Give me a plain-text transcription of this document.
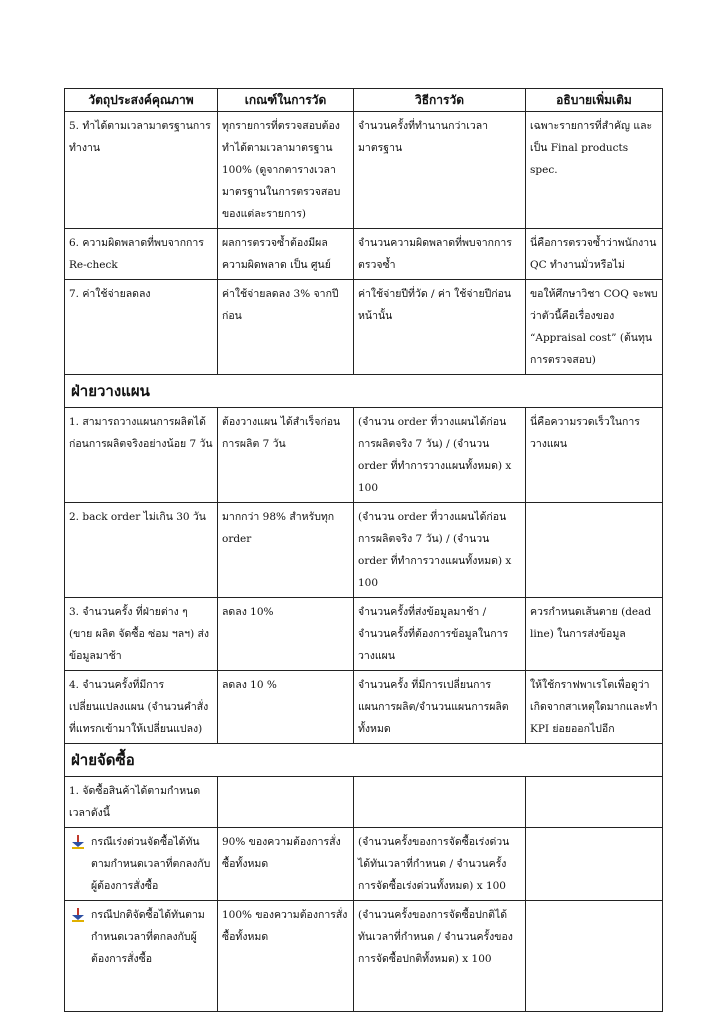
วัตถุประสงค์คุณภาพ	เกณฑ์ในการวัด	วิธีการวัด	อธิบายเพิ่มเติม
5. ทำได้ตามเวลามาตรฐานการทำงาน	ทุกรายการที่ตรวจสอบต้องทำได้ตามเวลามาตรฐาน 100% (ดูจากตารางเวลามาตรฐานในการตรวจสอบของแต่ละรายการ)	จำนวนครั้งที่ทำนานกว่าเวลามาตรฐาน	เฉพาะรายการที่สำคัญ และเป็น Final products spec.
6. ความผิดพลาดที่พบจากการ Re-check	ผลการตรวจซ้ำต้องมีผลความผิดพลาด เป็น ศูนย์	จำนวนความผิดพลาดที่พบจากการตรวจซ้ำ	นี่คือการตรวจซ้ำว่าพนักงาน QC ทำงานมั่วหรือไม่
7. ค่าใช้จ่ายลดลง	ค่าใช้จ่ายลดลง 3% จากปีก่อน	ค่าใช้จ่ายปีที่วัด / ค่า ใช้จ่ายปีก่อนหน้านั้น	ขอให้ศึกษาวิชา COQ จะพบว่าตัวนี้คือเรื่องของ “Appraisal cost” (ต้นทุนการตรวจสอบ)
ฝ่ายวางแผน			
1. สามารถวางแผนการผลิตได้ก่อนการผลิตจริงอย่างน้อย 7 วัน	ต้องวางแผน ได้สำเร็จก่อนการผลิต 7 วัน	(จำนวน order ที่วางแผนได้ก่อนการผลิตจริง 7 วัน) / (จำนวน order ที่ทำการวางแผนทั้งหมด) x 100	นี่คือความรวดเร็วในการวางแผน
2. back order ไม่เกิน 30 วัน	มากกว่า 98% สำหรับทุก order	(จำนวน order ที่วางแผนได้ก่อนการผลิตจริง 7 วัน) / (จำนวน order ที่ทำการวางแผนทั้งหมด) x 100	
3. จำนวนครั้ง ที่ฝ่ายต่าง ๆ (ขาย ผลิต จัดซื้อ ซ่อม ฯลฯ) ส่งข้อมูลมาช้า	ลดลง 10%	จำนวนครั้งที่ส่งข้อมูลมาช้า / จำนวนครั้งที่ต้องการข้อมูลในการวางแผน	ควรกำหนดเส้นตาย (dead line) ในการส่งข้อมูล
4. จำนวนครั้งที่มีการเปลี่ยนแปลงแผน (จำนวนคำสั่งที่แทรกเข้ามาให้เปลี่ยนแปลง)	ลดลง 10 %	จำนวนครั้ง ที่มีการเปลี่ยนการแผนการผลิต/จำนวนแผนการผลิตทั้งหมด	ให้ใช้กราฟพาเรโตเพื่อดูว่าเกิดจากสาเหตุใดมากและทำ KPI ย่อยออกไปอีก
ฝ่ายจัดซื้อ			
1. จัดซื้อสินค้าได้ตามกำหนดเวลาดังนี้			

กรณีเร่งด่วนจัดซื้อได้ทันตามกำหนดเวลาที่ตกลงกับผู้ต้องการสั่งซื้อ	90% ของความต้องการสั่งซื้อทั้งหมด	(จำนวนครั้งของการจัดซื้อเร่งด่วนได้ทันเวลาที่กำหนด / จำนวนครั้งการจัดซื้อเร่งด่วนทั้งหมด) x 100	

กรณีปกติจัดซื้อได้ทันตามกำหนดเวลาที่ตกลงกับผู้ต้องการสั่งซื้อ	100% ของความต้องการสั่งซื้อทั้งหมด	(จำนวนครั้งของการจัดซื้อปกติได้ทันเวลาที่กำหนด / จำนวนครั้งของการจัดซื้อปกติทั้งหมด) x 100	
